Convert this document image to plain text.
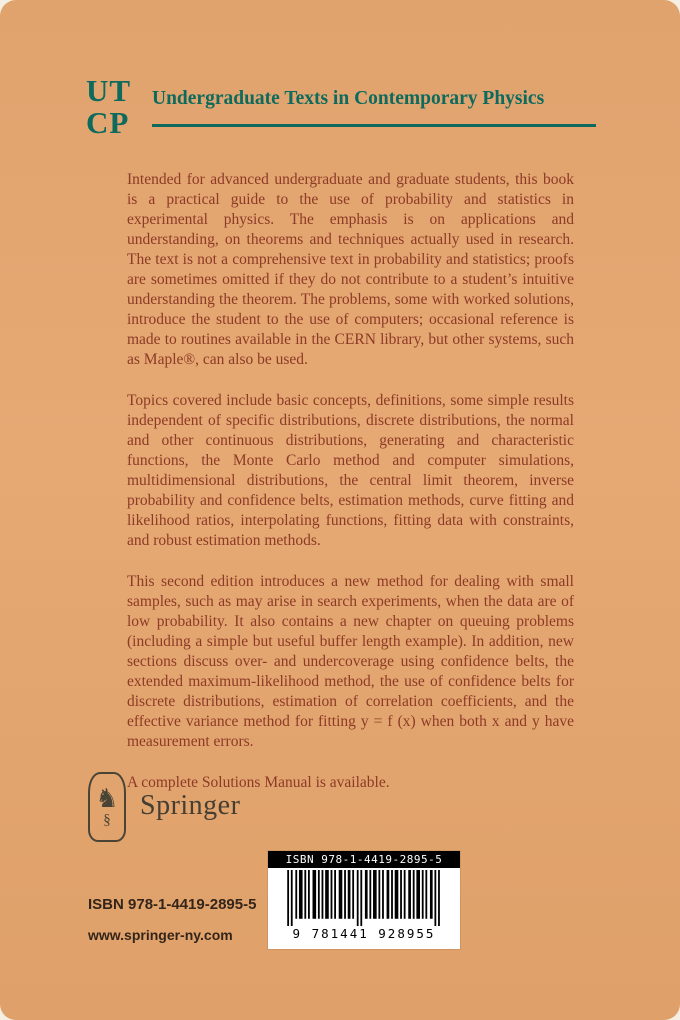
UT
CP
Undergraduate Texts in Contemporary Physics

Intended for advanced undergraduate and graduate students, this book is a practical guide to the use of probability and statistics in experimental physics. The emphasis is on applications and understanding, on theorems and techniques actually used in research. The text is not a comprehensive text in probability and statistics; proofs are sometimes omitted if they do not contribute to a student’s intuitive understanding the theorem. The problems, some with worked solutions, introduce the student to the use of computers; occasional reference is made to routines available in the CERN library, but other systems, such as Maple®, can also be used.

Topics covered include basic concepts, definitions, some simple results independent of specific distributions, discrete distributions, the normal and other continuous distributions, generating and characteristic functions, the Monte Carlo method and computer simulations, multidimensional distributions, the central limit theorem, inverse probability and confidence belts, estimation methods, curve fitting and likelihood ratios, interpolating functions, fitting data with constraints, and robust estimation methods.

This second edition introduces a new method for dealing with small samples, such as may arise in search experiments, when the data are of low probability. It also contains a new chapter on queuing problems (including a simple but useful buffer length example). In addition, new sections discuss over- and undercoverage using confidence belts, the extended maximum-likelihood method, the use of confidence belts for discrete distributions, estimation of correlation coefficients, and the effective variance method for fitting y = f (x) when both x and y have measurement errors.

A complete Solutions Manual is available.

♞
§ Springer
ISBN 978-1-4419-2895-5
9 781441 928955
ISBN 978-1-4419-2895-5
www.springer-ny.com
